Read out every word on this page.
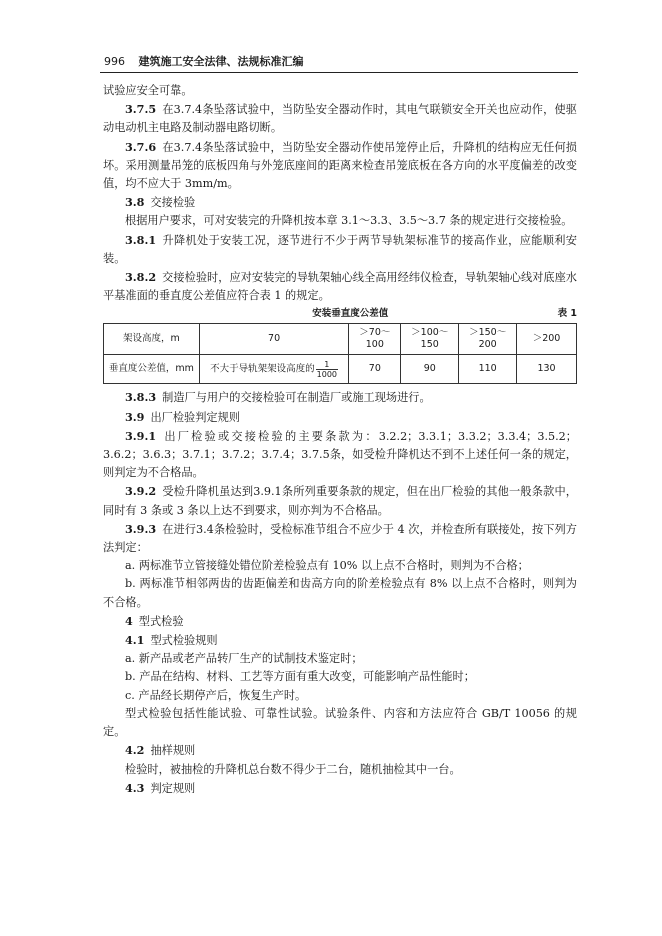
996 建筑施工安全法律、法规标准汇编

试验应安全可靠。

3.7.5 在3.7.4条坠落试验中，当防坠安全器动作时，其电气联锁安全开关也应动作，使驱动电动机主电路及制动器电路切断。

3.7.6 在3.7.4条坠落试验中，当防坠安全器动作使吊笼停止后，升降机的结构应无任何损坏。采用测量吊笼的底板四角与外笼底座间的距离来检查吊笼底板在各方向的水平度偏差的改变值，均不应大于 3mm/m。

3.8 交接检验

根据用户要求，可对安装完的升降机按本章 3.1～3.3、3.5～3.7 条的规定进行交接检验。

3.8.1 升降机处于安装工况，逐节进行不少于两节导轨架标准节的接高作业，应能顺利安装。

3.8.2 交接检验时，应对安装完的导轨架轴心线全高用经纬仪检查，导轨架轴心线对底座水平基准面的垂直度公差值应符合表 1 的规定。

安装垂直度公差值	表 1
架设高度，m	70	＞70～100	＞100～150	＞150～200	＞200
垂直度公差值，mm	不大于导轨架架设高度的 $\frac{1}{1000}$	70	90	110	130

3.8.3 制造厂与用户的交接检验可在制造厂或施工现场进行。

3.9 出厂检验判定规则

3.9.1 出厂检验或交接检验的主要条款为：3.2.2；3.3.1；3.3.2；3.3.4；3.5.2；3.6.2；3.6.3；3.7.1；3.7.2；3.7.4；3.7.5条，如受检升降机达不到不上述任何一条的规定，则判定为不合格品。

3.9.2 受检升降机虽达到3.9.1条所列重要条款的规定，但在出厂检验的其他一般条款中，同时有 3 条或 3 条以上达不到要求，则亦判为不合格品。

3.9.3 在进行3.4条检验时，受检标准节组合不应少于 4 次，并检查所有联接处，按下列方法判定：

a. 两标准节立管接缝处错位阶差检验点有 10% 以上点不合格时，则判为不合格；

b. 两标准节相邻两齿的齿距偏差和齿高方向的阶差检验点有 8% 以上点不合格时，则判为不合格。

4 型式检验

4.1 型式检验规则

a. 新产品或老产品转厂生产的试制技术鉴定时；

b. 产品在结构、材料、工艺等方面有重大改变，可能影响产品性能时；

c. 产品经长期停产后，恢复生产时。

型式检验包括性能试验、可靠性试验。试验条件、内容和方法应符合 GB/T 10056 的规定。

4.2 抽样规则

检验时，被抽检的升降机总台数不得少于二台，随机抽检其中一台。

4.3 判定规则
